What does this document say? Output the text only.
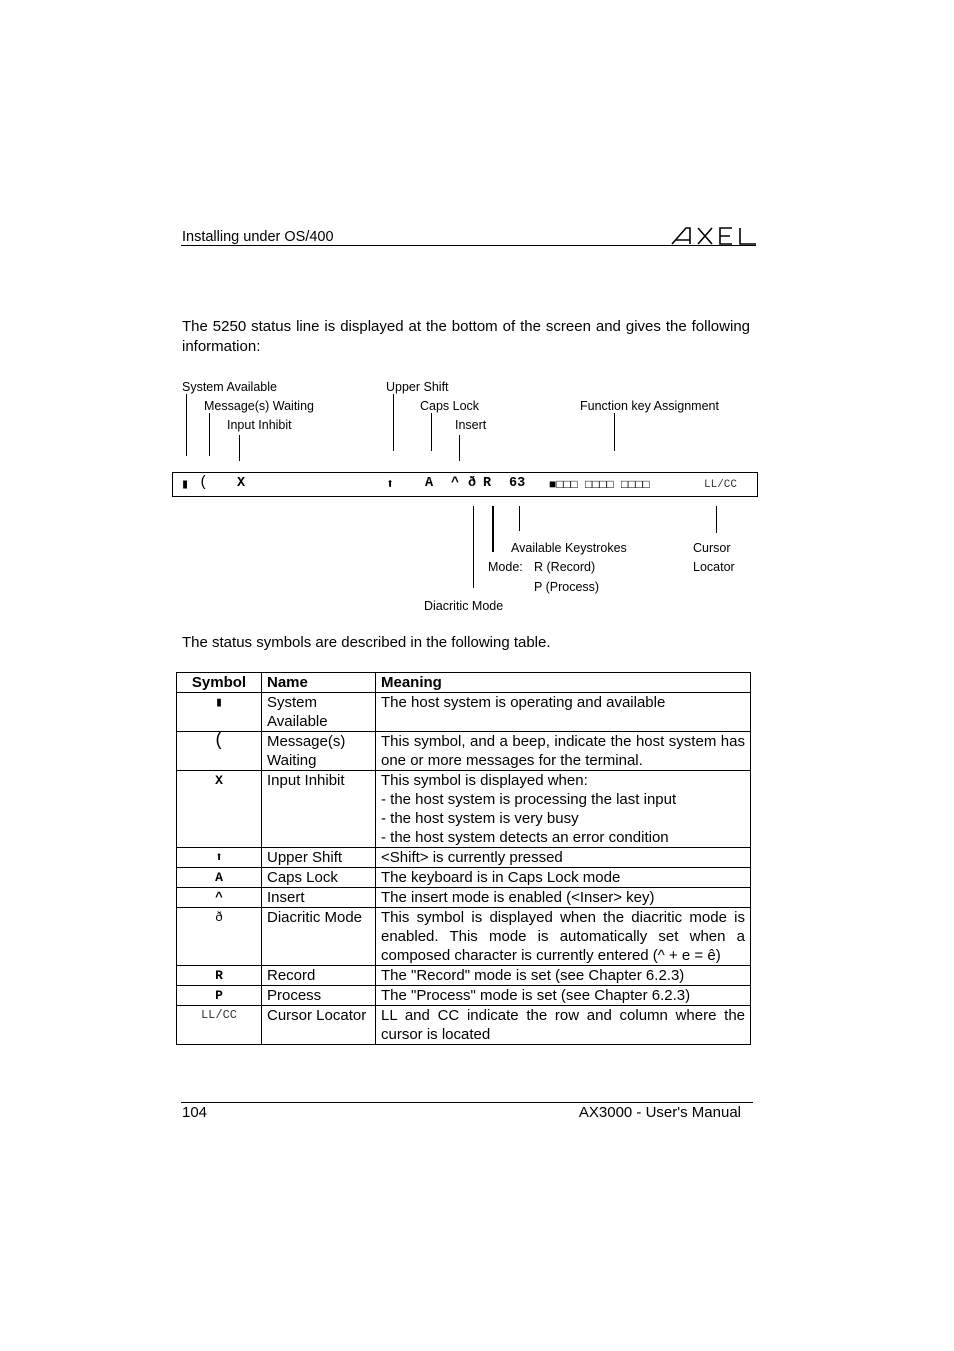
Installing under OS/400
The 5250 status line is displayed at the bottom of the screen and gives the following information:
System Available
Message(s) Waiting
Input Inhibit
Upper Shift
Caps Lock
Insert
Function key Assignment
▮ ( X	⬆ A ^ ð R 63 ■□□□ □□□□ □□□□	LL/CC
Available Keystrokes
Mode: R (Record)
P (Process)
Cursor
Locator
Diacritic Mode
The status symbols are described in the following table.
Symbol	Name	Meaning
▮	System Available	The host system is operating and available
(	Message(s) Waiting	This symbol, and a beep, indicate the host system has one or more messages for the terminal.
X	Input Inhibit	This symbol is displayed when:
- the host system is processing the last input
- the host system is very busy
- the host system detects an error condition

⬆	Upper Shift	<Shift> is currently pressed
A	Caps Lock	The keyboard is in Caps Lock mode
^	Insert	The insert mode is enabled (<Inser> key)
ð	Diacritic Mode	This symbol is displayed when the diacritic mode is enabled. This mode is automatically set when a composed character is currently entered (^ + e = ê)
R	Record	The "Record" mode is set (see Chapter 6.2.3)
P	Process	The "Process" mode is set (see Chapter 6.2.3)
LL/CC	Cursor Locator	LL and CC indicate the row and column where the cursor is located
104	AX3000 - User's Manual
